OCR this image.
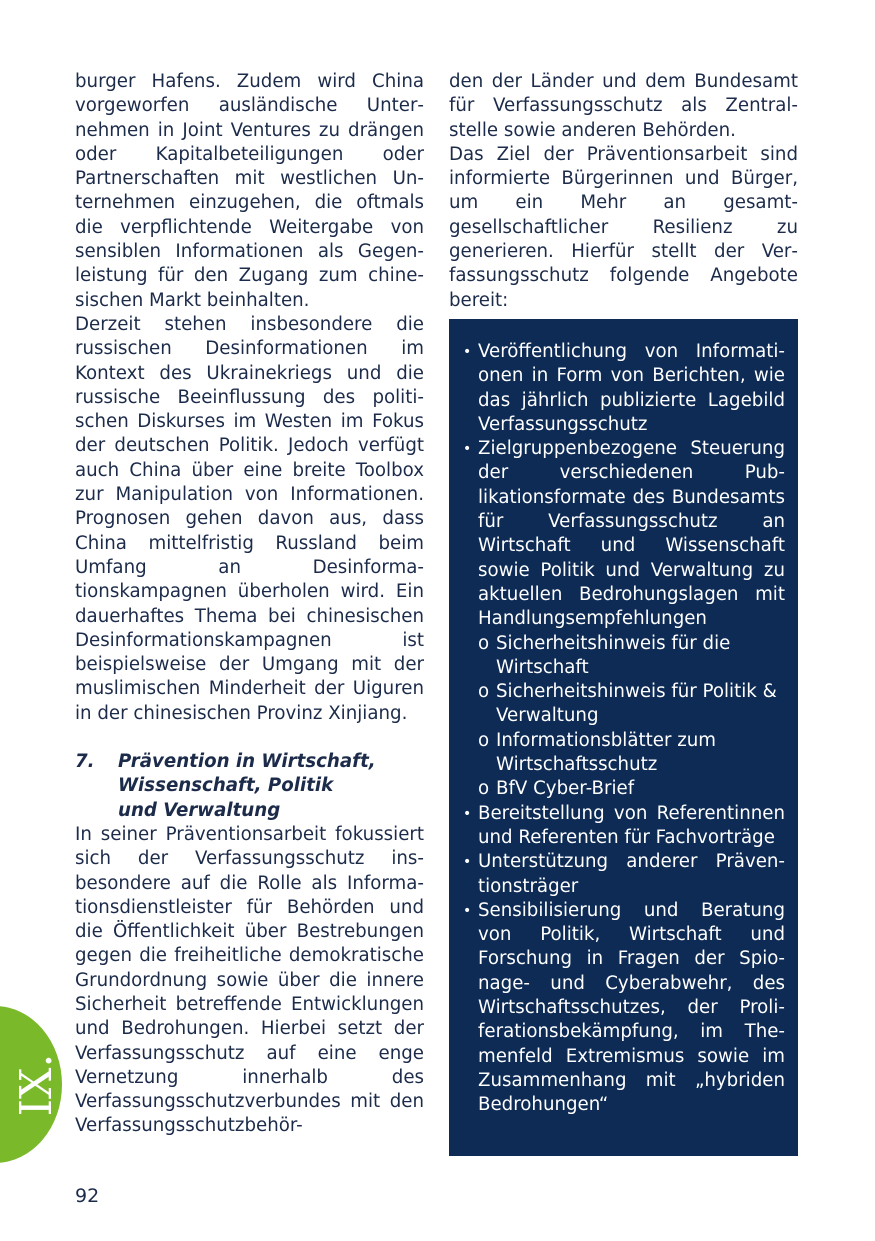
burger Hafens. Zudem wird China vorgeworfen ausländische Unternehmen in Joint Ventures zu drängen oder Kapitalbeteiligungen oder Partnerschaften mit westlichen Unternehmen einzugehen, die oftmals die verpflichtende Weitergabe von sensiblen Informationen als Gegenleistung für den Zugang zum chinesischen Markt beinhalten.

Derzeit stehen insbesondere die russischen Desinformationen im Kontext des Ukrainekriegs und die russische Beeinflussung des politischen Diskurses im Westen im Fokus der deutschen Politik. Jedoch verfügt auch China über eine breite Toolbox zur Manipulation von Informationen. Prognosen gehen davon aus, dass China mittelfristig Russland beim Umfang an Desinformationskampagnen überholen wird. Ein dauerhaftes Thema bei chinesischen Desinformationskampagnen ist beispielsweise der Umgang mit der muslimischen Minderheit der Uiguren in der chinesischen Provinz Xinjiang.

7.	Prävention in Wirtschaft,
Wissenschaft, Politik
und Verwaltung

In seiner Präventionsarbeit fokussiert sich der Verfassungsschutz insbesondere auf die Rolle als Informationsdienstleister für Behörden und die Öffentlichkeit über Bestrebungen gegen die freiheitliche demokratische Grundordnung sowie über die innere Sicherheit betreffende Entwicklungen und Bedrohungen. Hierbei setzt der Verfassungsschutz auf eine enge Vernetzung innerhalb des Verfassungsschutzverbundes mit den Verfassungsschutzbehör-

den der Länder und dem Bundesamt für Verfassungsschutz als Zentralstelle sowie anderen Behörden.

Das Ziel der Präventionsarbeit sind informierte Bürgerinnen und Bürger, um ein Mehr an gesamtgesellschaftlicher Resilienz zu generieren. Hierfür stellt der Verfassungsschutz folgende Angebote bereit:

• Veröffentlichung von Informationen in Form von Berichten, wie das jährlich publizierte Lagebild Verfassungsschutz
• Zielgruppenbezogene Steuerung der verschiedenen Publikationsformate des Bundesamts für Verfassungsschutz an Wirtschaft und Wissenschaft sowie Politik und Verwaltung zu aktuellen Bedrohungslagen mit Handlungsempfehlungen
o Sicherheitshinweis für die Wirtschaft
o Sicherheitshinweis für Politik & Verwaltung
o Informationsblätter zum Wirtschaftsschutz
o BfV Cyber-Brief
• Bereitstellung von Referentinnen und Referenten für Fachvorträge
• Unterstützung anderer Präventionsträger
• Sensibilisierung und Beratung von Politik, Wirtschaft und Forschung in Fragen der Spionage- und Cyberabwehr, des Wirtschaftsschutzes, der Proliferationsbekämpfung, im Themenfeld Extremismus sowie im Zusammenhang mit „hybriden Bedrohungen“
IX.
92
